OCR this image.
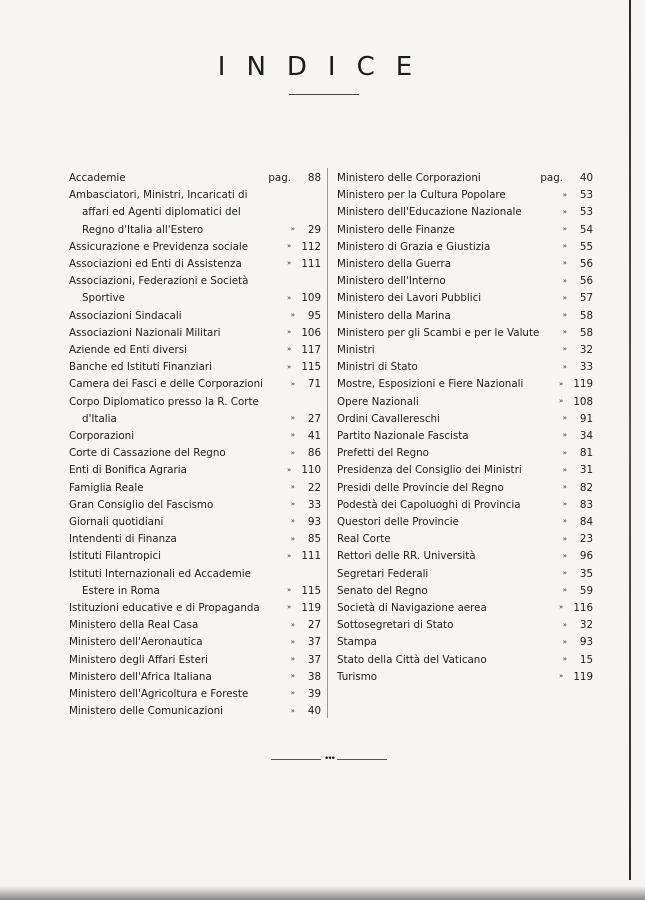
INDICE
Accademie	pag. 88
Ambasciatori, Ministri, Incaricati di affari ed Agenti diplomatici del Regno d'Italia all'Estero	» 29
Assicurazione e Previdenza sociale	» 112
Associazioni ed Enti di Assistenza	» 111
Associazioni, Federazioni e Società Sportive	» 109
Associazioni Sindacali	» 95
Associazioni Nazionali Militari	» 106
Aziende ed Enti diversi	» 117
Banche ed Istituti Finanziari	» 115
Camera dei Fasci e delle Corporazioni	» 71
Corpo Diplomatico presso la R. Corte d'Italia	» 27
Corporazioni	» 41
Corte di Cassazione del Regno	» 86
Enti di Bonifica Agraria	» 110
Famiglia Reale	» 22
Gran Consiglio del Fascismo	» 33
Giornali quotidiani	» 93
Intendenti di Finanza	» 85
Istituti Filantropici	» 111
Istituti Internazionali ed Accademie Estere in Roma	» 115
Istituzioni educative e di Propaganda	» 119
Ministero della Real Casa	» 27
Ministero dell'Aeronautica	» 37
Ministero degli Affari Esteri	» 37
Ministero dell'Africa Italiana	» 38
Ministero dell'Agricoltura e Foreste	» 39
Ministero delle Comunicazioni	» 40
Ministero delle Corporazioni	pag. 40
Ministero per la Cultura Popolare	» 53
Ministero dell'Educazione Nazionale	» 53
Ministero delle Finanze	» 54
Ministero di Grazia e Giustizia	» 55
Ministero della Guerra	» 56
Ministero dell'Interno	» 56
Ministero dei Lavori Pubblici	» 57
Ministero della Marina	» 58
Ministero per gli Scambi e per le Valute	» 58
Ministri	» 32
Ministri di Stato	» 33
Mostre, Esposizioni e Fiere Nazionali	» 119
Opere Nazionali	» 108
Ordini Cavallereschi	» 91
Partito Nazionale Fascista	» 34
Prefetti del Regno	» 81
Presidenza del Consiglio dei Ministri	» 31
Presidi delle Provincie del Regno	» 82
Podestà dei Capoluoghi di Provincia	» 83
Questori delle Provincie	» 84
Real Corte	» 23
Rettori delle RR. Università	» 96
Segretari Federali	» 35
Senato del Regno	» 59
Società di Navigazione aerea	» 116
Sottosegretari di Stato	» 32
Stampa	» 93
Stato della Città del Vaticano	» 15
Turismo	» 119
•••
